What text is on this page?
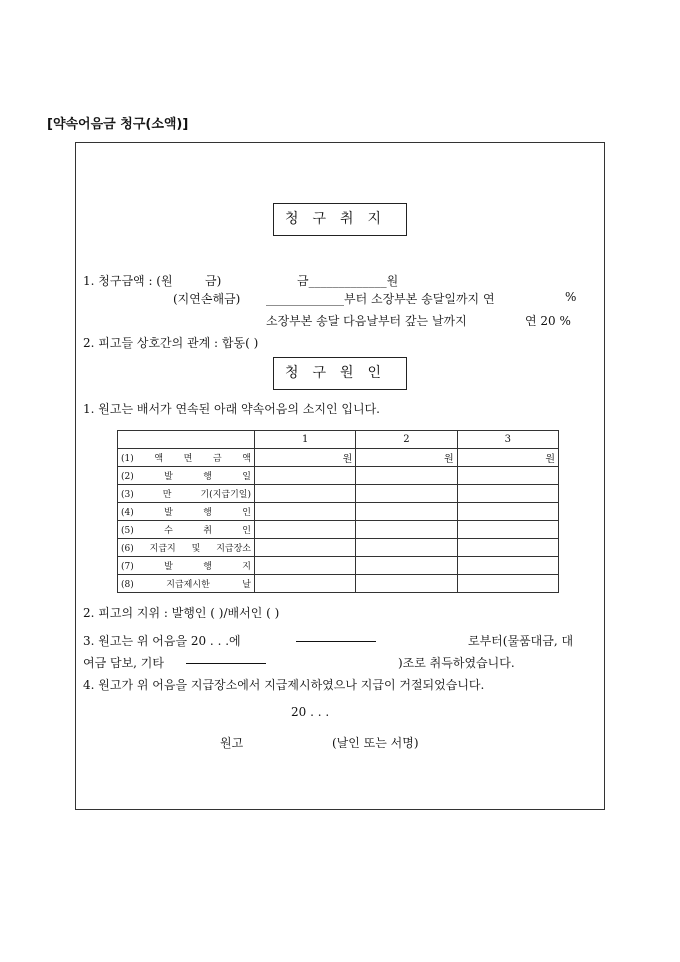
[약속어음금 청구(소액)]
청구취지
1. 청구금액 : (원	금)	금_____________원
(지연손해금) _____________부터 소장부본 송달일까지 연	%
소장부본 송달 다음날부터 갚는 날까지	연 20 %
2. 피고들 상호간의 관계 : 합동( )
청구원인
1. 원고는 배서가 연속된 아래 약속어음의 소지인 입니다.
	1	2	3
(1) 액 면 금 액	원	원	원
(2) 발 행 일			
(3) 만 기(지급기일)			
(4) 발 행 인			
(5) 수 취 인			
(6) 지급지 및 지급장소			
(7) 발 행 지			
(8) 지급제시한 날			
2. 피고의 지위 : 발행인 ( )/배서인 ( )
3. 원고는 위 어음을 20 . . .에	로부터(물품대금, 대
여금 담보, 기타	)조로 취득하였습니다.
4. 원고가 위 어음을 지급장소에서 지급제시하였으나 지급이 거절되었습니다.
20 . . .
원고	(날인 또는 서명)
